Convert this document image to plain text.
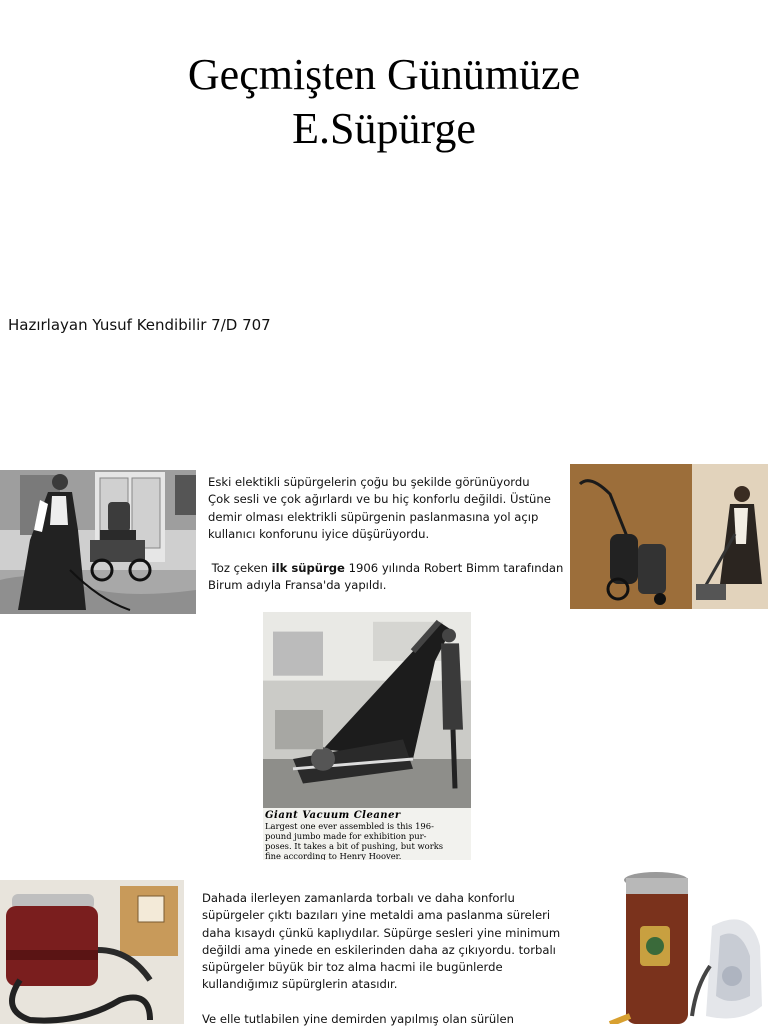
Geçmişten Günümüze
E.Süpürge
Hazırlayan Yusuf Kendibilir 7/D 707

Eski elektikli süpürgelerin çoğu bu şekilde görünüyordu

Çok sesli ve çok ağırlardı ve bu hiç konforlu değildi. Üstüne

demir olması elektrikli süpürgenin paslanmasına yol açıp

kullanıcı konforunu iyice düşürüyordu.

Toz çeken ilk süpürge 1906 yılında Robert Bimm tarafından

Birum adıyla Fransa'da yapıldı.

Giant Vacuum Cleaner
Largest one ever assembled is this 196-
pound jumbo made for exhibition pur-
poses. It takes a bit of pushing, but works
fine according to Henry Hoover.

Dahada ilerleyen zamanlarda torbalı ve daha konforlu

süpürgeler çıktı bazıları yine metaldi ama paslanma süreleri

daha kısaydı çünkü kaplıydılar. Süpürge sesleri yine minimum

değildi ama yinede en eskilerinden daha az çıkıyordu. torbalı

süpürgeler büyük bir toz alma hacmi ile bugünlerde

kullandığımız süpürglerin atasıdır.

Ve elle tutlabilen yine demirden yapılmış olan sürülen
